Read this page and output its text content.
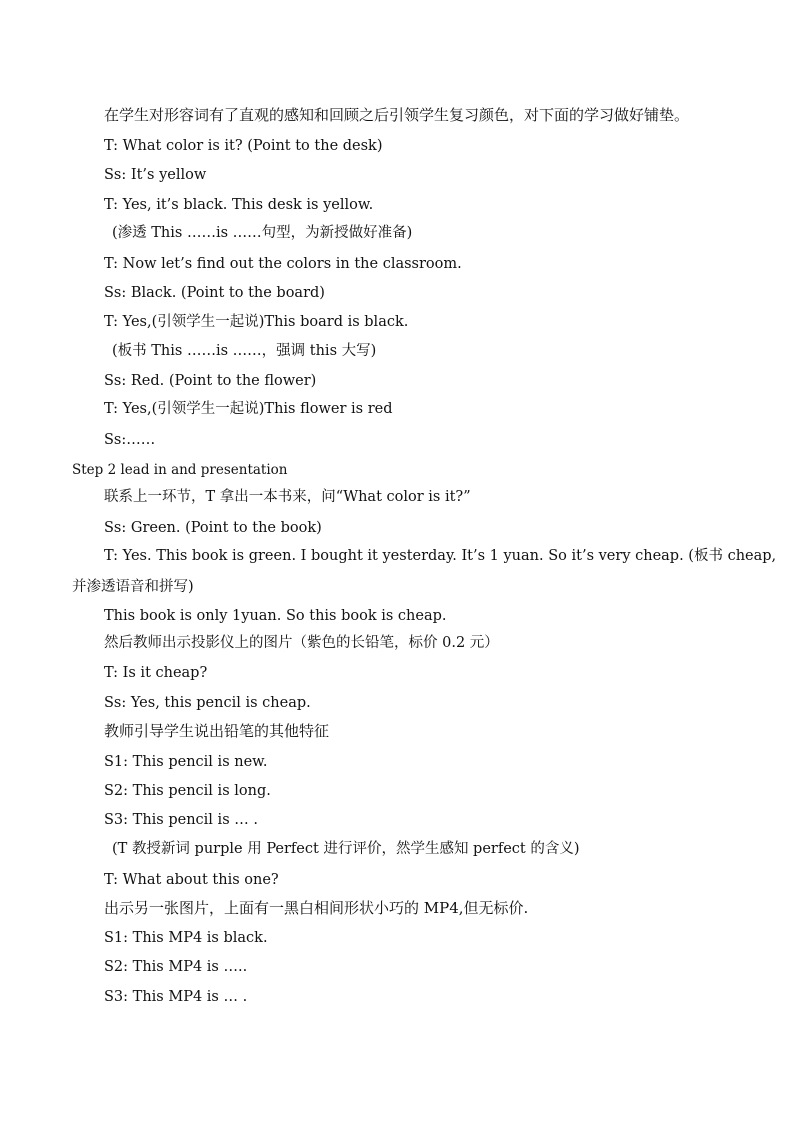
在学生对形容词有了直观的感知和回顾之后引领学生复习颜色，对下面的学习做好铺垫。
T: What color is it? (Point to the desk)
Ss: It’s yellow
T: Yes, it’s black. This desk is yellow.
(渗透 This ……is ……句型，为新授做好准备)
T: Now let’s find out the colors in the classroom.
Ss: Black. (Point to the board)
T: Yes,(引领学生一起说)This board is black.
(板书 This ……is ……，强调 this 大写)
Ss: Red. (Point to the flower)
T: Yes,(引领学生一起说)This flower is red
Ss:……
Step 2 lead in and presentation
联系上一环节，T 拿出一本书来，问“What color is it?”
Ss: Green. (Point to the book)
T: Yes. This book is green. I bought it yesterday. It’s 1 yuan. So it’s very cheap. (板书 cheap,
并渗透语音和拼写)
This book is only 1yuan. So this book is cheap.
然后教师出示投影仪上的图片（紫色的长铅笔，标价 0.2 元）
T: Is it cheap?
Ss: Yes, this pencil is cheap.
教师引导学生说出铅笔的其他特征
S1: This pencil is new.
S2: This pencil is long.
S3: This pencil is … .
(T 教授新词 purple 用 Perfect 进行评价，然学生感知 perfect 的含义)
T: What about this one?
出示另一张图片，上面有一黑白相间形状小巧的 MP4,但无标价.
S1: This MP4 is black.
S2: This MP4 is …..
S3: This MP4 is … .
